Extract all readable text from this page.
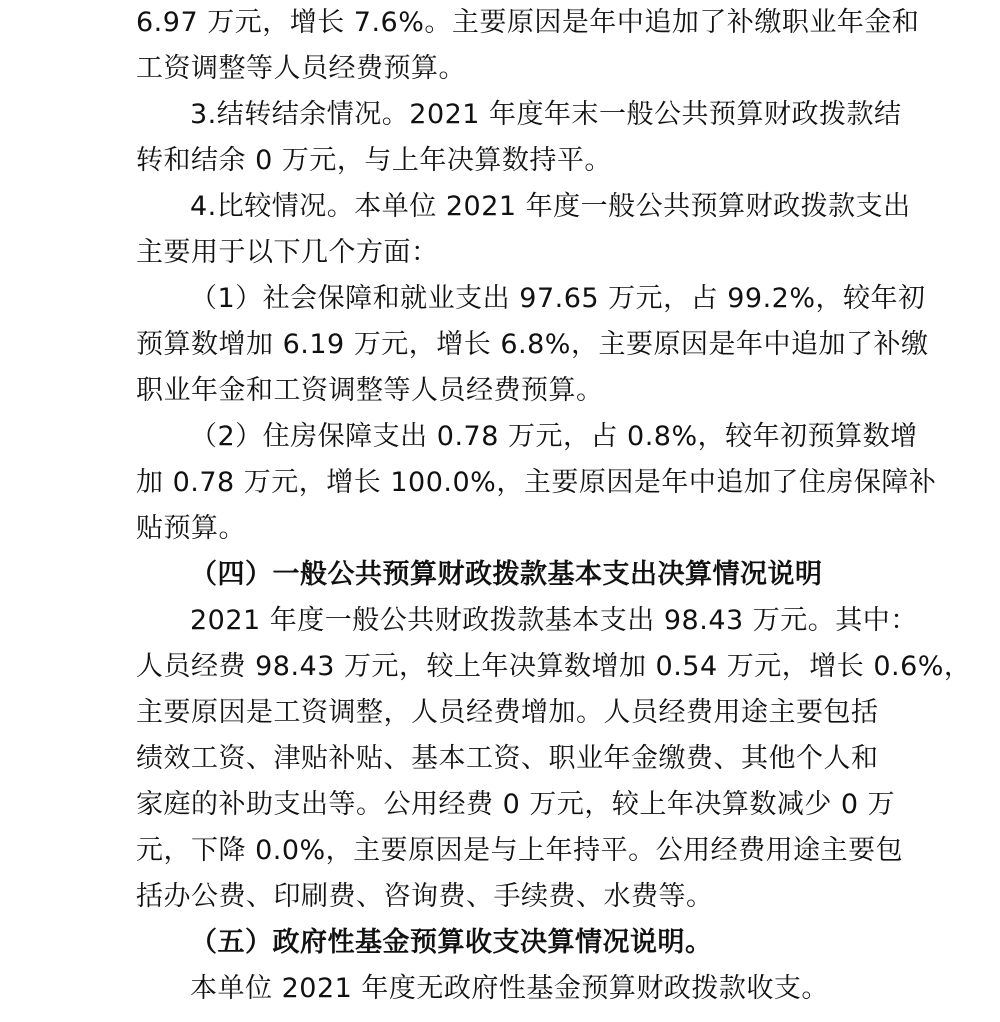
6.97 万元，增长 7.6%。主要原因是年中追加了补缴职业年金和
工资调整等人员经费预算。
3.结转结余情况。2021 年度年末一般公共预算财政拨款结
转和结余 0 万元，与上年决算数持平。
4.比较情况。本单位 2021 年度一般公共预算财政拨款支出
主要用于以下几个方面：
（1）社会保障和就业支出 97.65 万元，占 99.2%，较年初
预算数增加 6.19 万元，增长 6.8%，主要原因是年中追加了补缴
职业年金和工资调整等人员经费预算。
（2）住房保障支出 0.78 万元，占 0.8%，较年初预算数增
加 0.78 万元，增长 100.0%，主要原因是年中追加了住房保障补
贴预算。
（四）一般公共预算财政拨款基本支出决算情况说明
2021 年度一般公共财政拨款基本支出 98.43 万元。其中：
人员经费 98.43 万元，较上年决算数增加 0.54 万元，增长 0.6%，
主要原因是工资调整，人员经费增加。人员经费用途主要包括
绩效工资、津贴补贴、基本工资、职业年金缴费、其他个人和
家庭的补助支出等。公用经费 0 万元，较上年决算数减少 0 万
元，下降 0.0%，主要原因是与上年持平。公用经费用途主要包
括办公费、印刷费、咨询费、手续费、水费等。
（五）政府性基金预算收支决算情况说明。
本单位 2021 年度无政府性基金预算财政拨款收支。
